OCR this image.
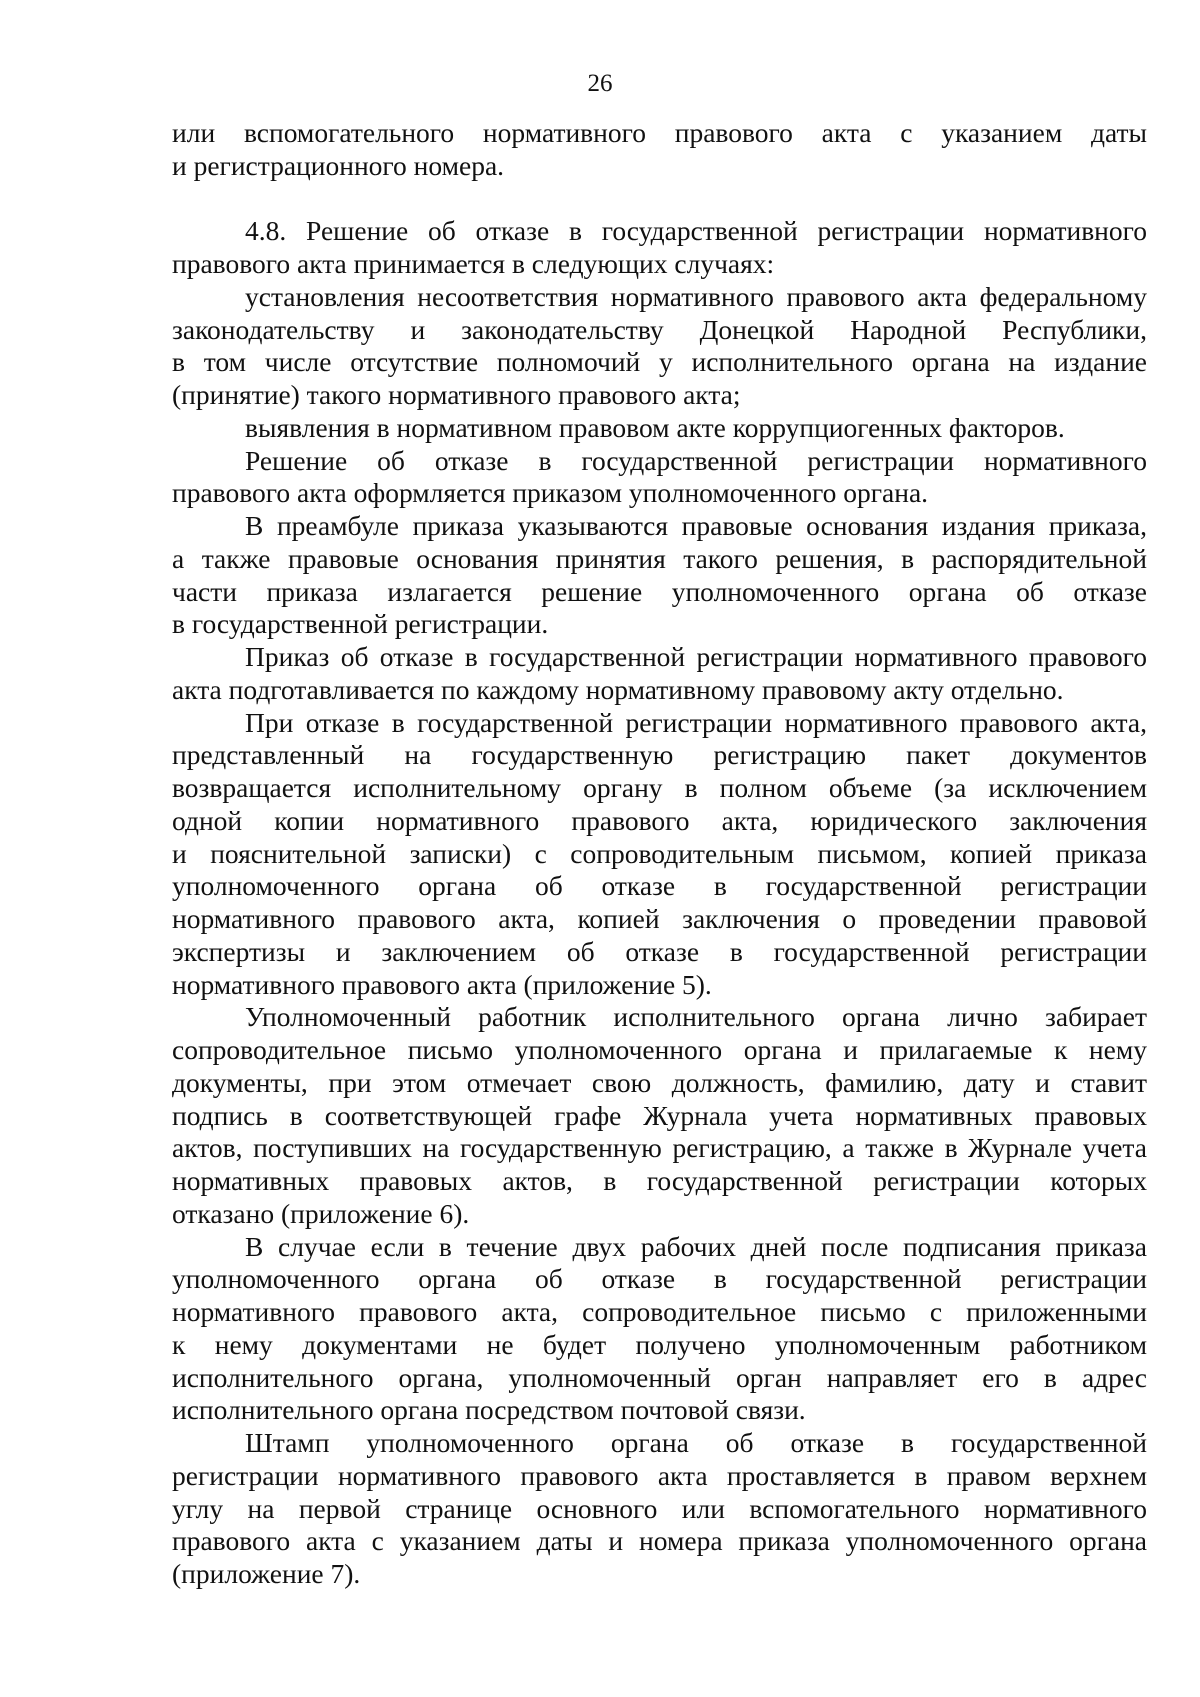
26
или вспомогательного нормативного правового акта с указанием даты
и регистрационного номера.
4.8. Решение об отказе в государственной регистрации нормативного
правового акта принимается в следующих случаях:
установления несоответствия нормативного правового акта федеральному
законодательству и законодательству Донецкой Народной Республики,
в том числе отсутствие полномочий у исполнительного органа на издание
(принятие) такого нормативного правового акта;
выявления в нормативном правовом акте коррупциогенных факторов.
Решение об отказе в государственной регистрации нормативного
правового акта оформляется приказом уполномоченного органа.
В преамбуле приказа указываются правовые основания издания приказа,
а также правовые основания принятия такого решения, в распорядительной
части приказа излагается решение уполномоченного органа об отказе
в государственной регистрации.
Приказ об отказе в государственной регистрации нормативного правового
акта подготавливается по каждому нормативному правовому акту отдельно.
При отказе в государственной регистрации нормативного правового акта,
представленный на государственную регистрацию пакет документов
возвращается исполнительному органу в полном объеме (за исключением
одной копии нормативного правового акта, юридического заключения
и пояснительной записки) с сопроводительным письмом, копией приказа
уполномоченного органа об отказе в государственной регистрации
нормативного правового акта, копией заключения о проведении правовой
экспертизы и заключением об отказе в государственной регистрации
нормативного правового акта (приложение 5).
Уполномоченный работник исполнительного органа лично забирает
сопроводительное письмо уполномоченного органа и прилагаемые к нему
документы, при этом отмечает свою должность, фамилию, дату и ставит
подпись в соответствующей графе Журнала учета нормативных правовых
актов, поступивших на государственную регистрацию, а также в Журнале учета
нормативных правовых актов, в государственной регистрации которых
отказано (приложение 6).
В случае если в течение двух рабочих дней после подписания приказа
уполномоченного органа об отказе в государственной регистрации
нормативного правового акта, сопроводительное письмо с приложенными
к нему документами не будет получено уполномоченным работником
исполнительного органа, уполномоченный орган направляет его в адрес
исполнительного органа посредством почтовой связи.
Штамп уполномоченного органа об отказе в государственной
регистрации нормативного правового акта проставляется в правом верхнем
углу на первой странице основного или вспомогательного нормативного
правового акта с указанием даты и номера приказа уполномоченного органа
(приложение 7).
